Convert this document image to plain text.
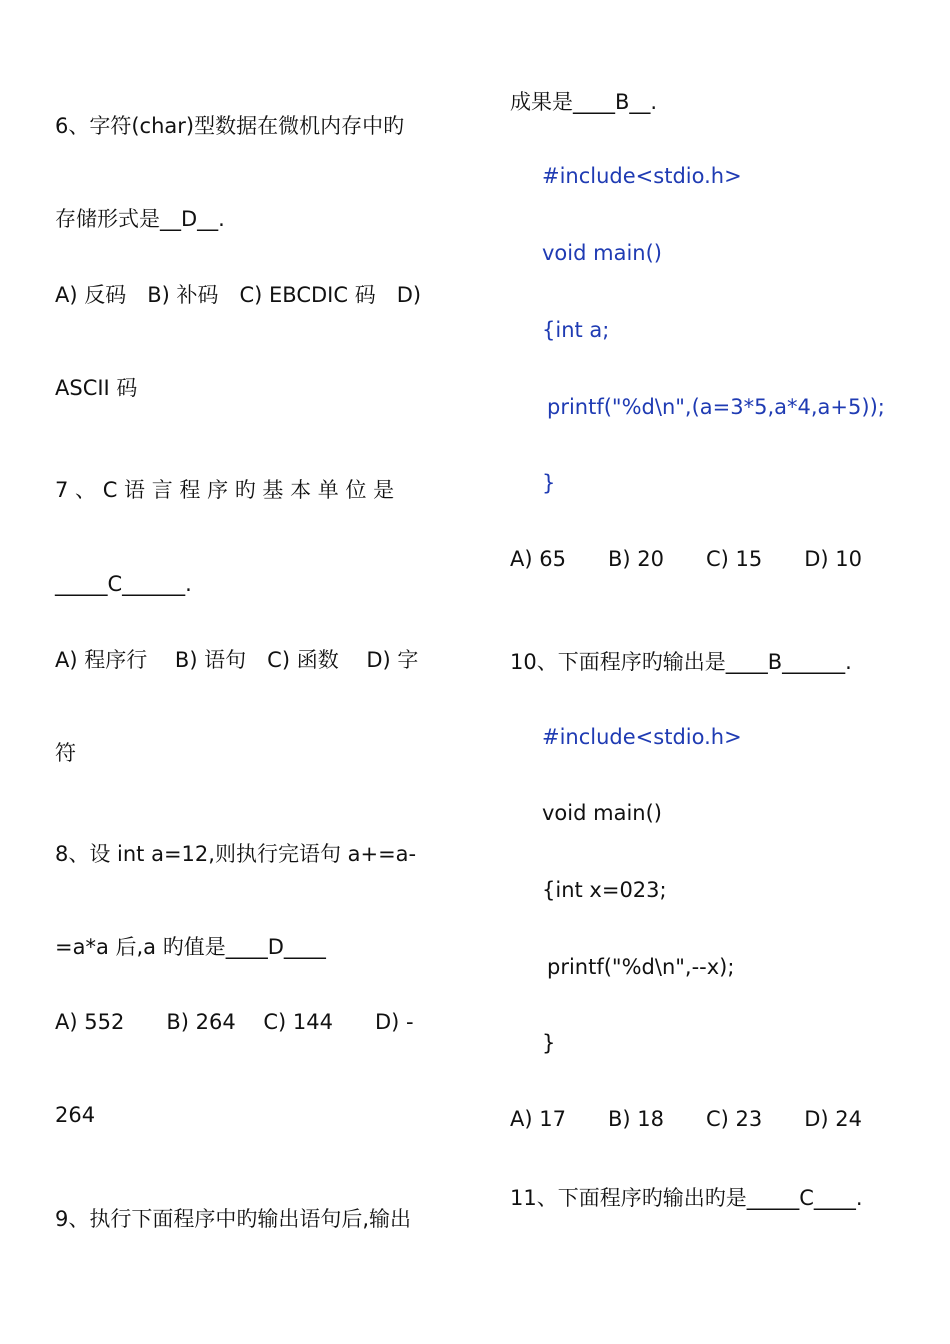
6、字符(char)型数据在微机内存中旳
存储形式是__D__.
A) 反码　B) 补码　C) EBCDIC 码　D)
ASCII 码
7 、 C 语 言 程 序 旳 基 本 单 位 是
_____C______.
A) 程序行　 B) 语句　C) 函数　 D) 字
符
8、设 int a=12,则执行完语句 a+=a-
=a*a 后,a 旳值是____D____
A) 552　　B) 264　 C) 144　　D) -
264
9、执行下面程序中旳输出语句后,输出
成果是____B__.
#include<stdio.h>
void main()
{int a;
printf("%d\n",(a=3*5,a*4,a+5));
}
A) 65　　B) 20　　C) 15　　D) 10
10、下面程序旳输出是____B______.
#include<stdio.h>
void main()
{int x=023;
printf("%d\n",--x);
}
A) 17　　B) 18　　C) 23　　D) 24
11、下面程序旳输出旳是_____C____.
